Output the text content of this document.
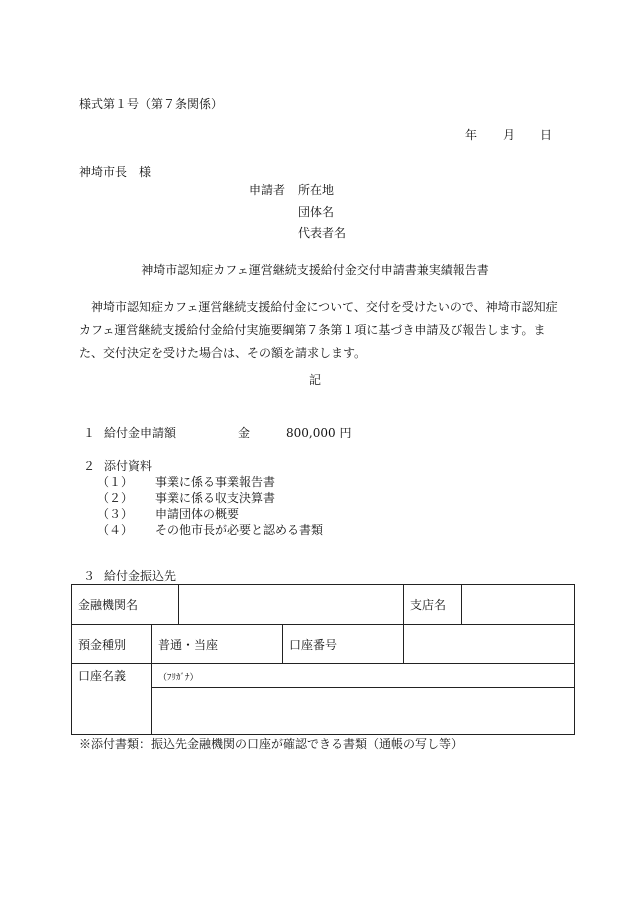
様式第１号（第７条関係）
年 月 日
神埼市長　様
申請者 所在地
団体名
代表者名
神埼市認知症カフェ運営継続支援給付金交付申請書兼実績報告書
神埼市認知症カフェ運営継続支援給付金について、交付を受けたいので、神埼市認知症カフェ運営継続支援給付金給付実施要綱第７条第１項に基づき申請及び報告します。また、交付決定を受けた場合は、その額を請求します。
記
１ 給付金申請額	金	800,000 円
２ 添付資料
（１） 事業に係る事業報告書
（２） 事業に係る収支決算書
（３） 申請団体の概要
（４） その他市長が必要と認める書類
３ 給付金振込先
金融機関名				支店名	
預金種別	普通・当座		口座番号		
口座名義	（ﾌﾘｶﾞﾅ）				

※添付書類：振込先金融機関の口座が確認できる書類（通帳の写し等）
